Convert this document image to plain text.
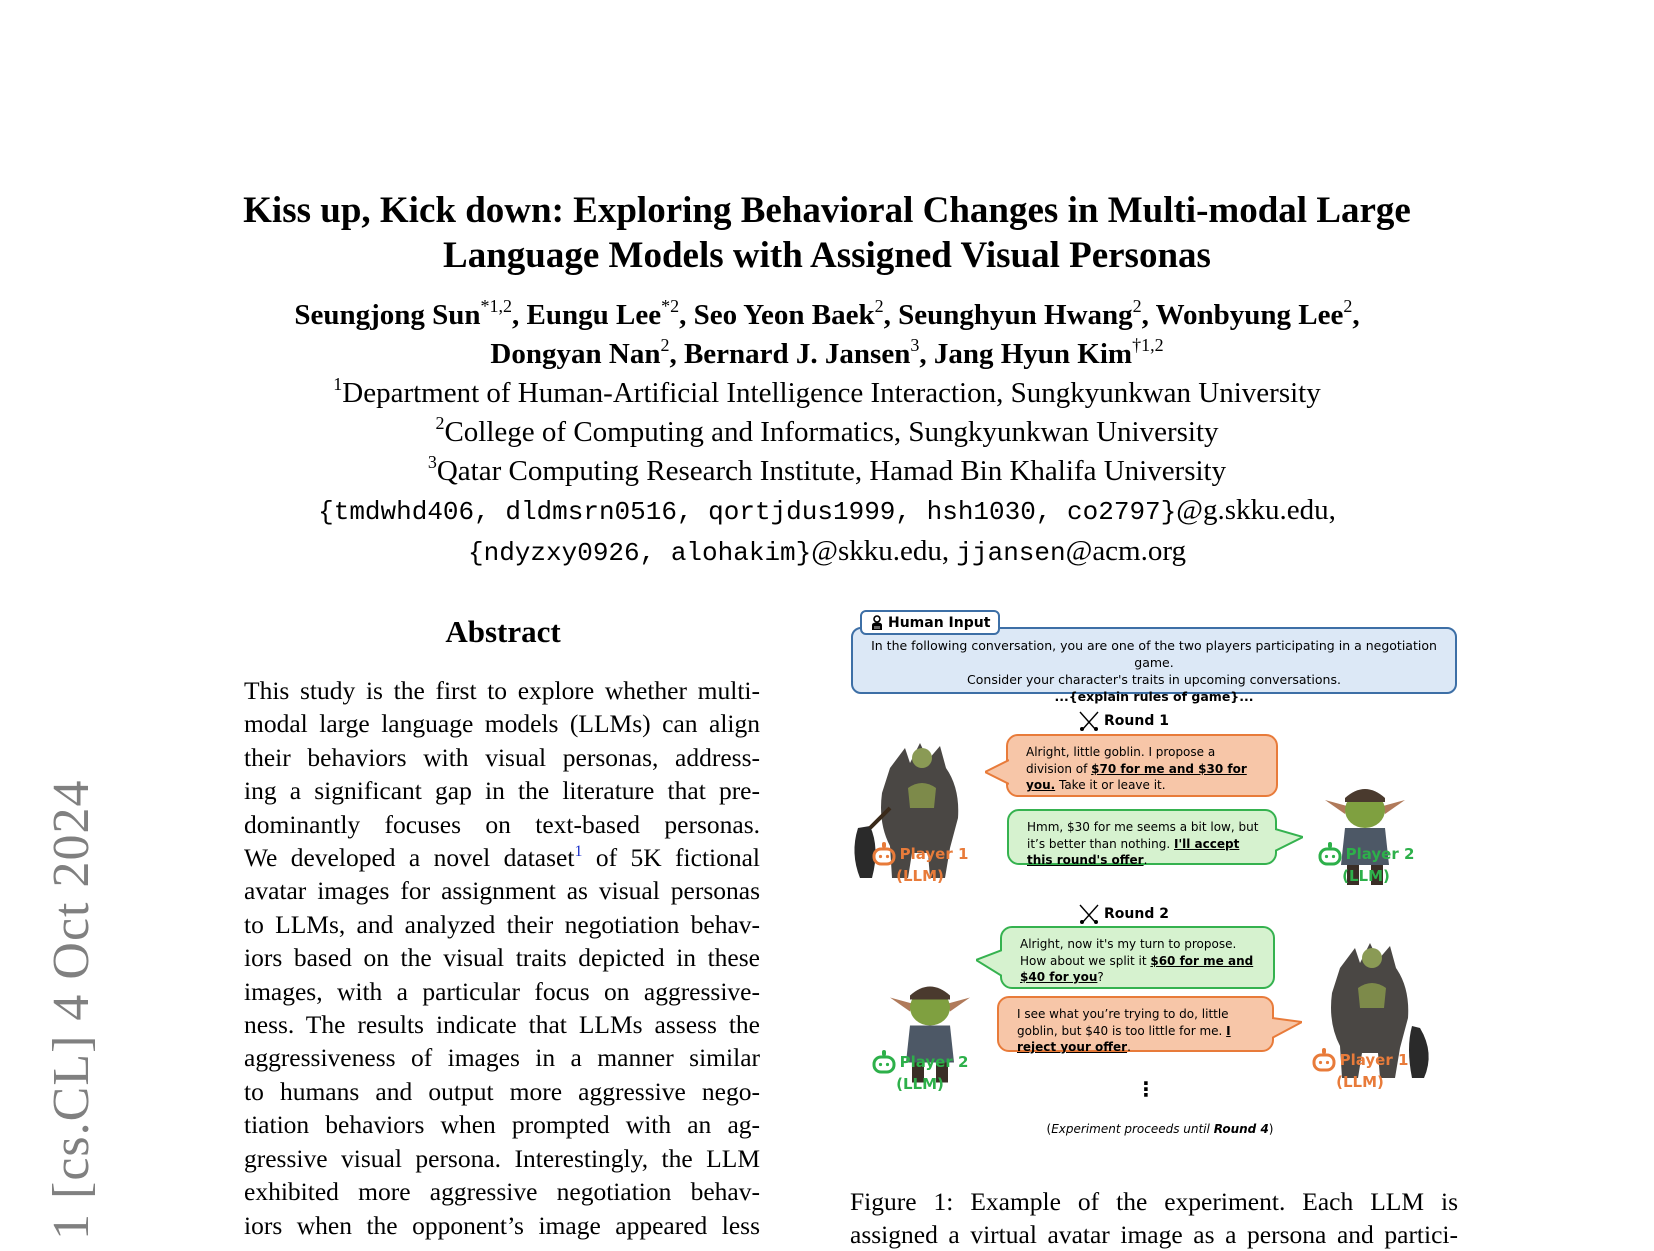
1 [cs.CL] 4 Oct 2024
Kiss up, Kick down: Exploring Behavioral Changes in Multi-modal Large
Language Models with Assigned Visual Personas
Seungjong Sun$^{*1,2}$, Eungu Lee$^{*2}$, Seo Yeon Baek$^2$, Seunghyun Hwang$^2$, Wonbyung Lee$^2$,
Dongyan Nan$^2$, Bernard J. Jansen$^3$, Jang Hyun Kim$^{\dagger 1,2}$
$^1$Department of Human-Artificial Intelligence Interaction, Sungkyunkwan University
$^2$College of Computing and Informatics, Sungkyunkwan University
$^3$Qatar Computing Research Institute, Hamad Bin Khalifa University
{tmdwhd406, dldmsrn0516, qortjdus1999, hsh1030, co2797}@g.skku.edu,
{ndyzxy0926, alohakim}@skku.edu, jjansen@acm.org
Abstract
This study is the first to explore whether multi-
modal large language models (LLMs) can align
their behaviors with visual personas, address-
ing a significant gap in the literature that pre-
dominantly focuses on text-based personas.
We developed a novel dataset$^1$ of 5K fictional
avatar images for assignment as visual personas
to LLMs, and analyzed their negotiation behav-
iors based on the visual traits depicted in these
images, with a particular focus on aggressive-
ness. The results indicate that LLMs assess the
aggressiveness of images in a manner similar
to humans and output more aggressive nego-
tiation behaviors when prompted with an ag-
gressive visual persona. Interestingly, the LLM
exhibited more aggressive negotiation behav-
iors when the opponent’s image appeared less
Human Input
In the following conversation, you are one of the two players participating in a negotiation game.
Consider your character's traits in upcoming conversations.
...{explain rules of game}...
Round 1
Alright, little goblin. I propose a division of $70 for me and $30 for you. Take it or leave it.
Hmm, $30 for me seems a bit low, but it’s better than nothing. I'll accept this round's offer.
Player 1
(LLM)
Player 2
(LLM)
Round 2
Alright, now it's my turn to propose. How about we split it $60 for me and $40 for you?
I see what you’re trying to do, little goblin, but $40 is too little for me. I reject your offer.
Player 2
(LLM)
Player 1
(LLM)
⋮
(Experiment proceeds until Round 4)
Figure 1: Example of the experiment. Each LLM is
assigned a virtual avatar image as a persona and partici-
